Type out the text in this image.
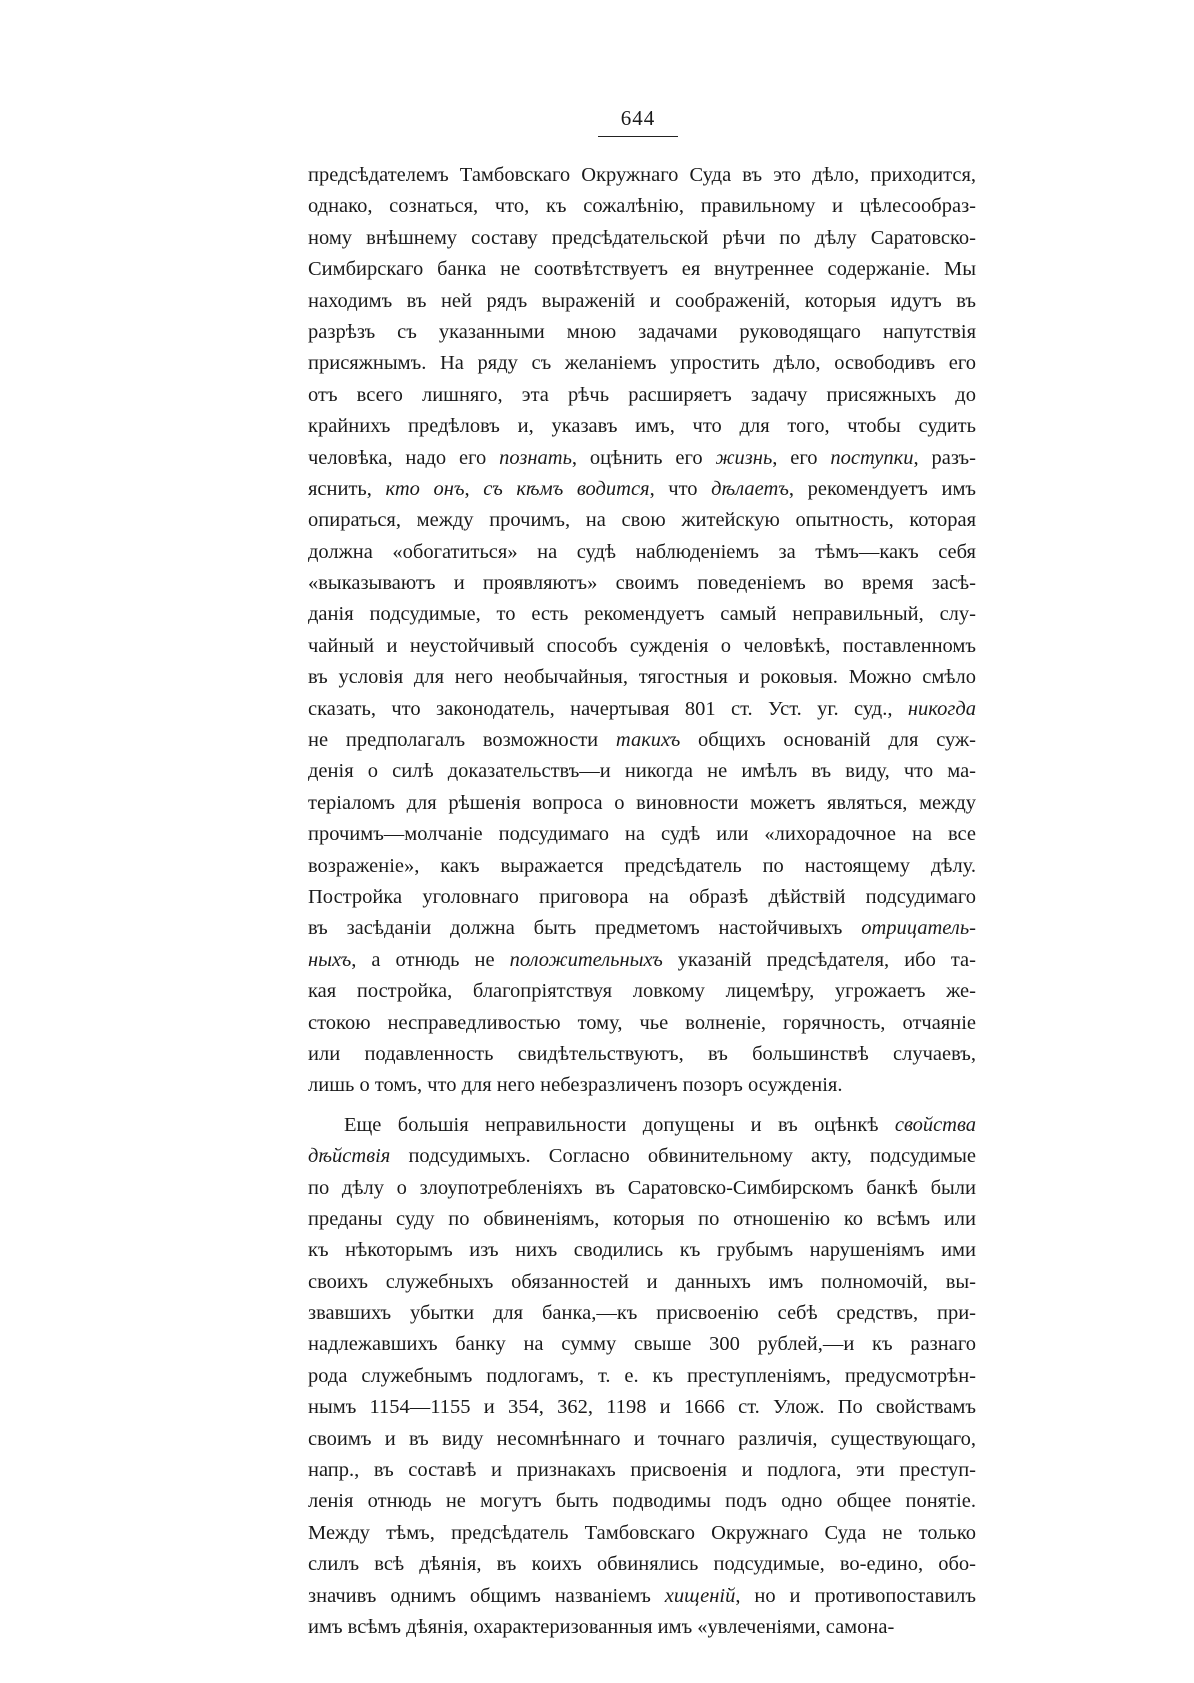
644
предсѣдателемъ Тамбовскаго Окружнаго Суда въ это дѣло, приходится,
однако, сознаться, что, къ сожалѣнію, правильному и цѣлесообраз-
ному внѣшнему составу предсѣдательской рѣчи по дѣлу Саратовско-
Симбирскаго банка не соотвѣтствуетъ ея внутреннее содержаніе. Мы
находимъ въ ней рядъ выраженій и соображеній, которыя идутъ въ
разрѣзъ съ указанными мною задачами руководящаго напутствія
присяжнымъ. На ряду съ желаніемъ упростить дѣло, освободивъ его
отъ всего лишняго, эта рѣчь расширяетъ задачу присяжныхъ до
крайнихъ предѣловъ и, указавъ имъ, что для того, чтобы судить
человѣка, надо его познать, оцѣнить его жизнь, его поступки, разъ-
яснить, кто онъ, съ кѣмъ водится, что дѣлаетъ, рекомендуетъ имъ
опираться, между прочимъ, на свою житейскую опытность, которая
должна «обогатиться» на судѣ наблюденіемъ за тѣмъ—какъ себя
«выказываютъ и проявляютъ» своимъ поведеніемъ во время засѣ-
данія подсудимые, то есть рекомендуетъ самый неправильный, слу-
чайный и неустойчивый способъ сужденія о человѣкѣ, поставленномъ
въ условія для него необычайныя, тягостныя и роковыя. Можно смѣло
сказать, что законодатель, начертывая 801 ст. Уст. уг. суд., никогда
не предполагалъ возможности такихъ общихъ основаній для суж-
денія о силѣ доказательствъ—и никогда не имѣлъ въ виду, что ма-
теріаломъ для рѣшенія вопроса о виновности можетъ являться, между
прочимъ—молчаніе подсудимаго на судѣ или «лихорадочное на все
возраженіе», какъ выражается предсѣдатель по настоящему дѣлу.
Постройка уголовнаго приговора на образѣ дѣйствій подсудимаго
въ засѣданіи должна быть предметомъ настойчивыхъ отрицатель-
ныхъ, а отнюдь не положительныхъ указаній предсѣдателя, ибо та-
кая постройка, благопріятствуя ловкому лицемѣру, угрожаетъ же-
стокою несправедливостью тому, чье волненіе, горячность, отчаяніе
или подавленность свидѣтельствуютъ, въ большинствѣ случаевъ,
лишь о томъ, что для него небезразличенъ позоръ осужденія.
Еще большія неправильности допущены и въ оцѣнкѣ свойства
дѣйствія подсудимыхъ. Согласно обвинительному акту, подсудимые
по дѣлу о злоупотребленіяхъ въ Саратовско-Симбирскомъ банкѣ были
преданы суду по обвиненіямъ, которыя по отношенію ко всѣмъ или
къ нѣкоторымъ изъ нихъ сводились къ грубымъ нарушеніямъ ими
своихъ служебныхъ обязанностей и данныхъ имъ полномочій, вы-
звавшихъ убытки для банка,—къ присвоенію себѣ средствъ, при-
надлежавшихъ банку на сумму свыше 300 рублей,—и къ разнаго
рода служебнымъ подлогамъ, т. е. къ преступленіямъ, предусмотрѣн-
нымъ 1154—1155 и 354, 362, 1198 и 1666 ст. Улож. По свойствамъ
своимъ и въ виду несомнѣннаго и точнаго различія, существующаго,
напр., въ составѣ и признакахъ присвоенія и подлога, эти преступ-
ленія отнюдь не могутъ быть подводимы подъ одно общее понятіе.
Между тѣмъ, предсѣдатель Тамбовскаго Окружнаго Суда не только
слилъ всѣ дѣянія, въ коихъ обвинялись подсудимые, во-едино, обо-
значивъ однимъ общимъ названіемъ хищеній, но и противопоставилъ
имъ всѣмъ дѣянія, охарактеризованныя имъ «увлеченіями, самона-
